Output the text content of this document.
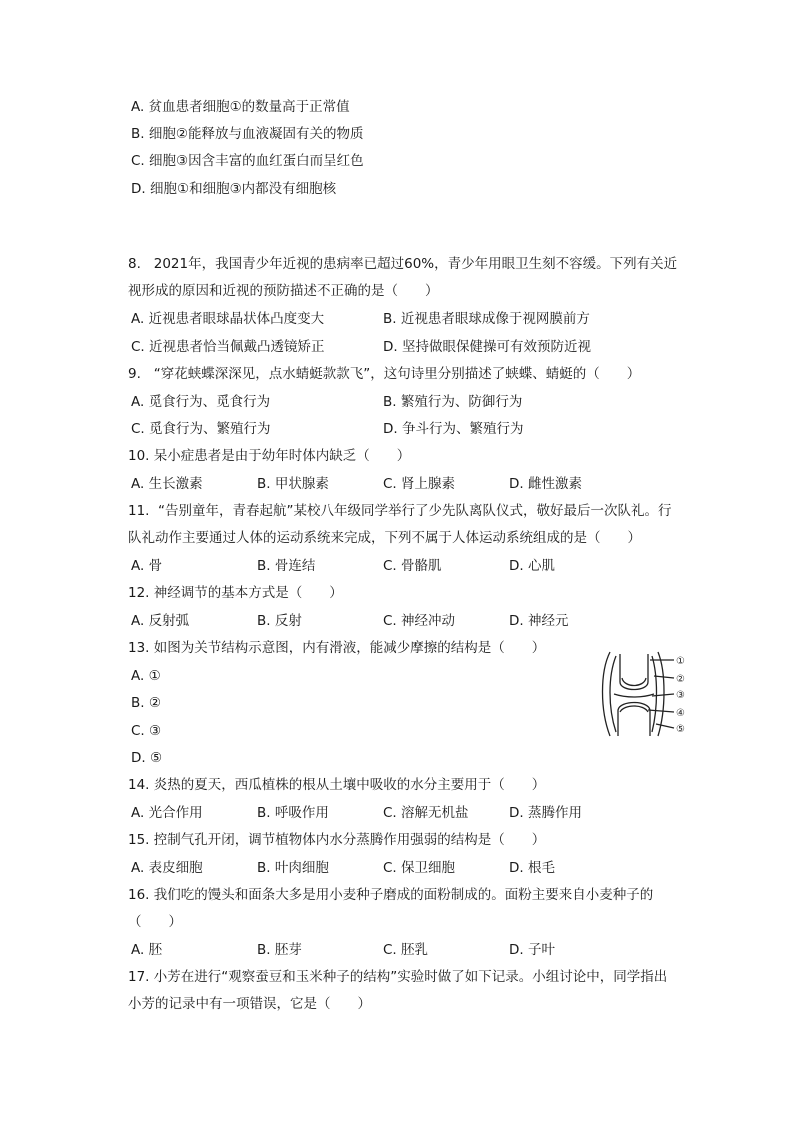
A. 贫血患者细胞①的数量高于正常值
B. 细胞②能释放与血液凝固有关的物质
C. 细胞③因含丰富的血红蛋白而呈红色
D. 细胞①和细胞③内都没有细胞核
8.   2021年，我国青少年近视的患病率已超过60%，青少年用眼卫生刻不容缓。下列有关近
视形成的原因和近视的预防描述不正确的是（　　）
A. 近视患者眼球晶状体凸度变大	B. 近视患者眼球成像于视网膜前方
C. 近视患者恰当佩戴凸透镜矫正	D. 坚持做眼保健操可有效预防近视
9.   “穿花蛱蝶深深见，点水蜻蜓款款飞”，这句诗里分别描述了蛱蝶、蜻蜓的（　　）
A. 觅食行为、觅食行为	B. 繁殖行为、防御行为
C. 觅食行为、繁殖行为	D. 争斗行为、繁殖行为
10. 呆小症患者是由于幼年时体内缺乏（　　）
A. 生长激素	B. 甲状腺素	C. 肾上腺素	D. 雌性激素
11.  “告别童年，青春起航”某校八年级同学举行了少先队离队仪式，敬好最后一次队礼。行
队礼动作主要通过人体的运动系统来完成，下列不属于人体运动系统组成的是（　　）
A. 骨	B. 骨连结	C. 骨骼肌	D. 心肌
12. 神经调节的基本方式是（　　）
A. 反射弧	B. 反射	C. 神经冲动	D. 神经元
13. 如图为关节结构示意图，内有滑液，能减少摩擦的结构是（　　）
A. ①
B. ②
C. ③
D. ⑤
①
②
③
④
⑤
14. 炎热的夏天，西瓜植株的根从土壤中吸收的水分主要用于（　　）
A. 光合作用	B. 呼吸作用	C. 溶解无机盐	D. 蒸腾作用
15. 控制气孔开闭，调节植物体内水分蒸腾作用强弱的结构是（　　）
A. 表皮细胞	B. 叶肉细胞	C. 保卫细胞	D. 根毛
16. 我们吃的馒头和面条大多是用小麦种子磨成的面粉制成的。面粉主要来自小麦种子的
（　　）
A. 胚	B. 胚芽	C. 胚乳	D. 子叶
17. 小芳在进行“观察蚕豆和玉米种子的结构”实验时做了如下记录。小组讨论中，同学指出
小芳的记录中有一项错误，它是（　　）
